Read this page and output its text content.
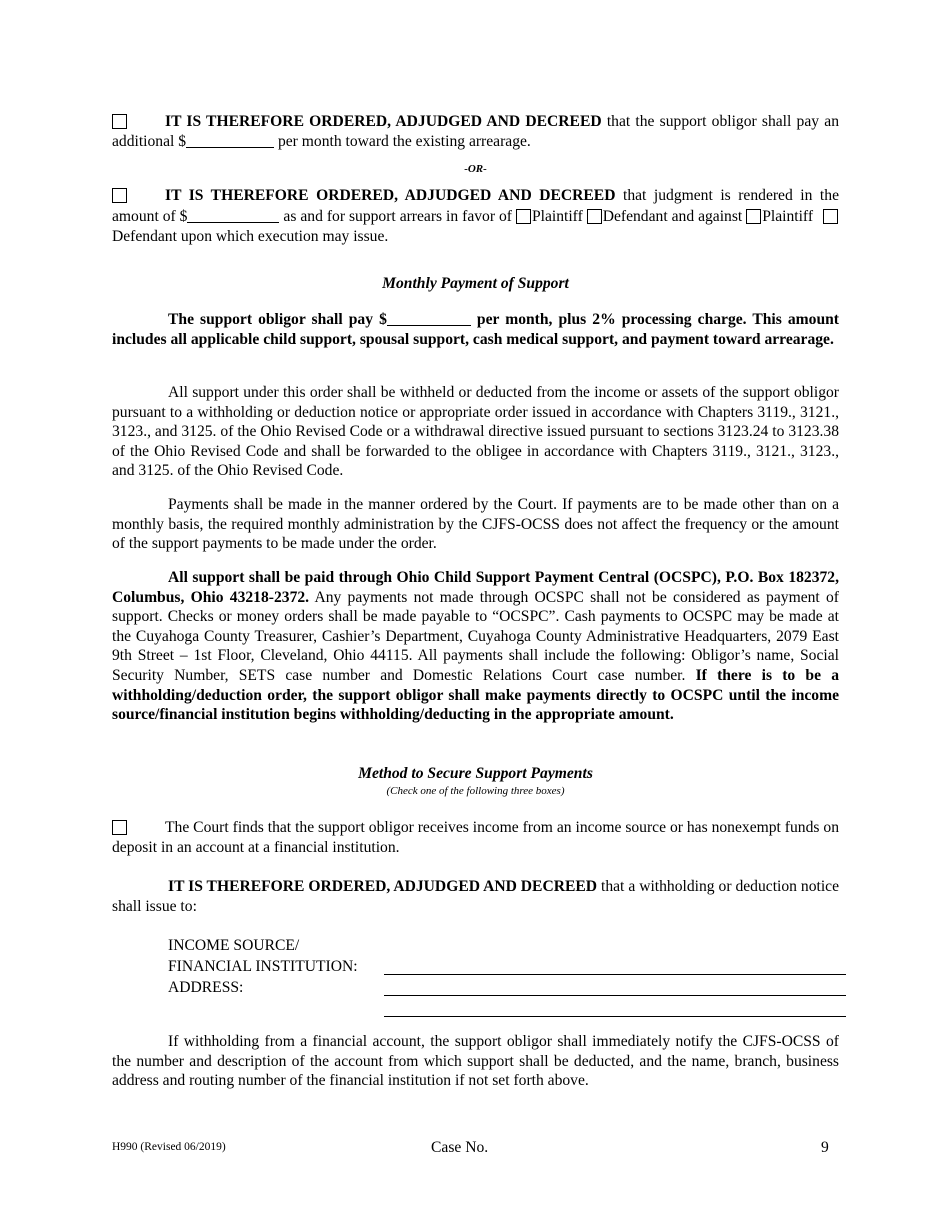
IT IS THEREFORE ORDERED, ADJUDGED AND DECREED that the support obligor shall pay an additional $	per month toward the existing arrearage.

-OR-

IT IS THEREFORE ORDERED, ADJUDGED AND DECREED that judgment is rendered in the amount of $	as and for support arrears in favor of Plaintiff Defendant and against Plaintiff Defendant upon which execution may issue.

Monthly Payment of Support

The support obligor shall pay $	per month, plus 2% processing charge. This amount includes all applicable child support, spousal support, cash medical support, and payment toward arrearage.

All support under this order shall be withheld or deducted from the income or assets of the support obligor pursuant to a withholding or deduction notice or appropriate order issued in accordance with Chapters 3119., 3121., 3123., and 3125. of the Ohio Revised Code or a withdrawal directive issued pursuant to sections 3123.24 to 3123.38 of the Ohio Revised Code and shall be forwarded to the obligee in accordance with Chapters 3119., 3121., 3123., and 3125. of the Ohio Revised Code.

Payments shall be made in the manner ordered by the Court. If payments are to be made other than on a monthly basis, the required monthly administration by the CJFS-OCSS does not affect the frequency or the amount of the support payments to be made under the order.

All support shall be paid through Ohio Child Support Payment Central (OCSPC), P.O. Box 182372, Columbus, Ohio 43218-2372. Any payments not made through OCSPC shall not be considered as payment of support. Checks or money orders shall be made payable to “OCSPC”. Cash payments to OCSPC may be made at the Cuyahoga County Treasurer, Cashier’s Department, Cuyahoga County Administrative Headquarters, 2079 East 9th Street – 1st Floor, Cleveland, Ohio 44115. All payments shall include the following: Obligor’s name, Social Security Number, SETS case number and Domestic Relations Court case number. If there is to be a withholding/deduction order, the support obligor shall make payments directly to OCSPC until the income source/financial institution begins withholding/deducting in the appropriate amount.

Method to Secure Support Payments
(Check one of the following three boxes)

The Court finds that the support obligor receives income from an income source or has nonexempt funds on deposit in an account at a financial institution.

IT IS THEREFORE ORDERED, ADJUDGED AND DECREED that a withholding or deduction notice shall issue to:

INCOME SOURCE/
FINANCIAL INSTITUTION:
ADDRESS:

If withholding from a financial account, the support obligor shall immediately notify the CJFS-OCSS of the number and description of the account from which support shall be deducted, and the name, branch, business address and routing number of the financial institution if not set forth above.

H990 (Revised 06/2019)	Case No.	9
